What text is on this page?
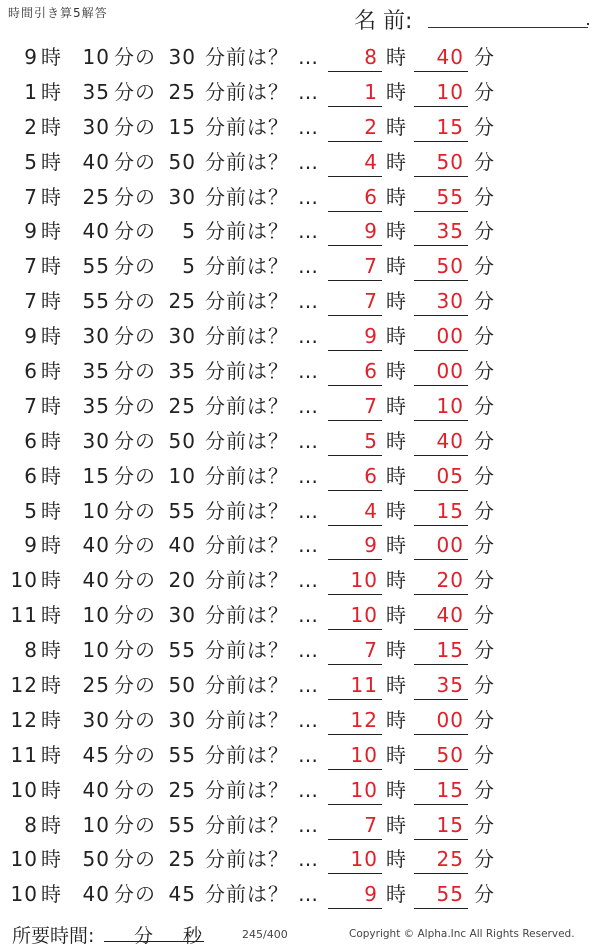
時間引き算5解答	名 前:
9 時	10 分の 30 分前は？ …	8 時	40 分
1 時	35 分の 25 分前は？ …	1 時	10 分
2 時	30 分の 15 分前は？ …	2 時	15 分
5 時	40 分の 50 分前は？ …	4 時	50 分
7 時	25 分の 30 分前は？ …	6 時	55 分
9 時	40 分の	5 分前は？ …	9 時	35 分
7 時	55 分の	5 分前は？ …	7 時	50 分
7 時	55 分の 25 分前は？ …	7 時	30 分
9 時	30 分の 30 分前は？ …	9 時	00 分
6 時	35 分の 35 分前は？ …	6 時	00 分
7 時	35 分の 25 分前は？ …	7 時	10 分
6 時	30 分の 50 分前は？ …	5 時	40 分
6 時	15 分の 10 分前は？ …	6 時	05 分
5 時	10 分の 55 分前は？ …	4 時	15 分
9 時	40 分の 40 分前は？ …	9 時	00 分
10 時	40 分の 20 分前は？ …	10 時	20 分
11 時	10 分の 30 分前は？ …	10 時	40 分
8 時	10 分の 55 分前は？ …	7 時	15 分
12 時	25 分の 50 分前は？ …	11 時	35 分
12 時	30 分の 30 分前は？ …	12 時	00 分
11 時	45 分の 55 分前は？ …	10 時	50 分
10 時	40 分の 25 分前は？ …	10 時	15 分
8 時	10 分の 55 分前は？ …	7 時	15 分
10 時	50 分の 25 分前は？ …	10 時	25 分
10 時	40 分の 45 分前は？ …	9 時	55 分
所要時間: 分 秒	245/400	Copyright © Alpha.Inc All Rights Reserved.
